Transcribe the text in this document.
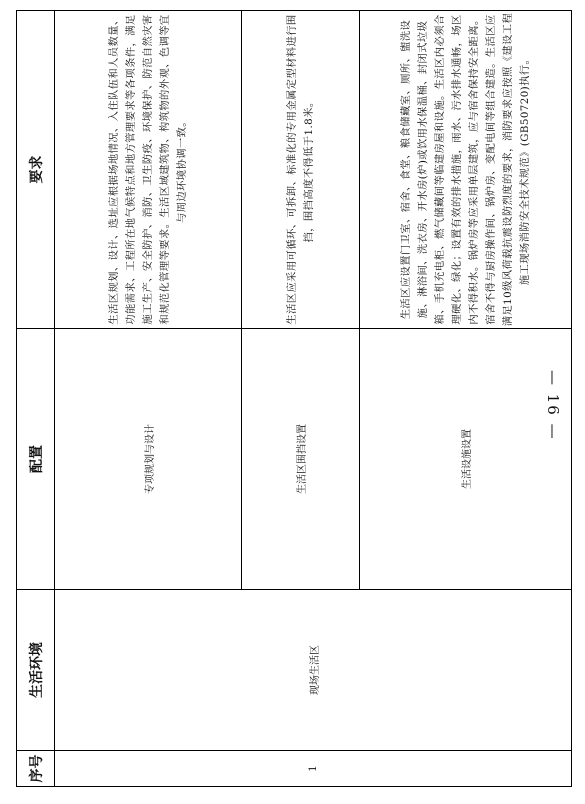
序号	生活环境	配置	要求
1	现场生活区	专项规划与设计	生活区规划、设计、选址应根据场地情况、入住队伍和人员数量、功能需求、工程所在地气候特点和地方管理要求等各项条件，满足施工生产、安全防护、消防、卫生防疫、环境保护、防范自然灾害和规范化管理等要求。生活区域建筑物、构筑物的外观、色调等宜与周边环境协调一致。
		生活区围挡设置	生活区应采用可循环、可拆卸、标准化的专用金属定型材料进行围挡，围挡高度不得低于1.8米。
		生活设施设置	生活区应设置门卫室、宿舍、食堂、粮食储藏室、厕所、盥洗设施、淋浴间、洗衣房、开水房(炉)或饮用水保温桶、封闭式垃圾箱、手机充电柜、燃气储藏间等临建房屋和设施。生活区内必须合理硬化、绿化；设置有效的排水措施，雨水、污水排水通畅，场区内不得积水。锅炉房等应采用单层建筑，应与宿舍保持安全距离。宿舍不得与厨房操作间、锅炉房、变配电间等组合建造。生活区应满足10级风荷载抗震设防烈度的要求，消防要求应按照《建设工程施工现场消防安全技术规范》(GB50720)执行。
— 16 —
